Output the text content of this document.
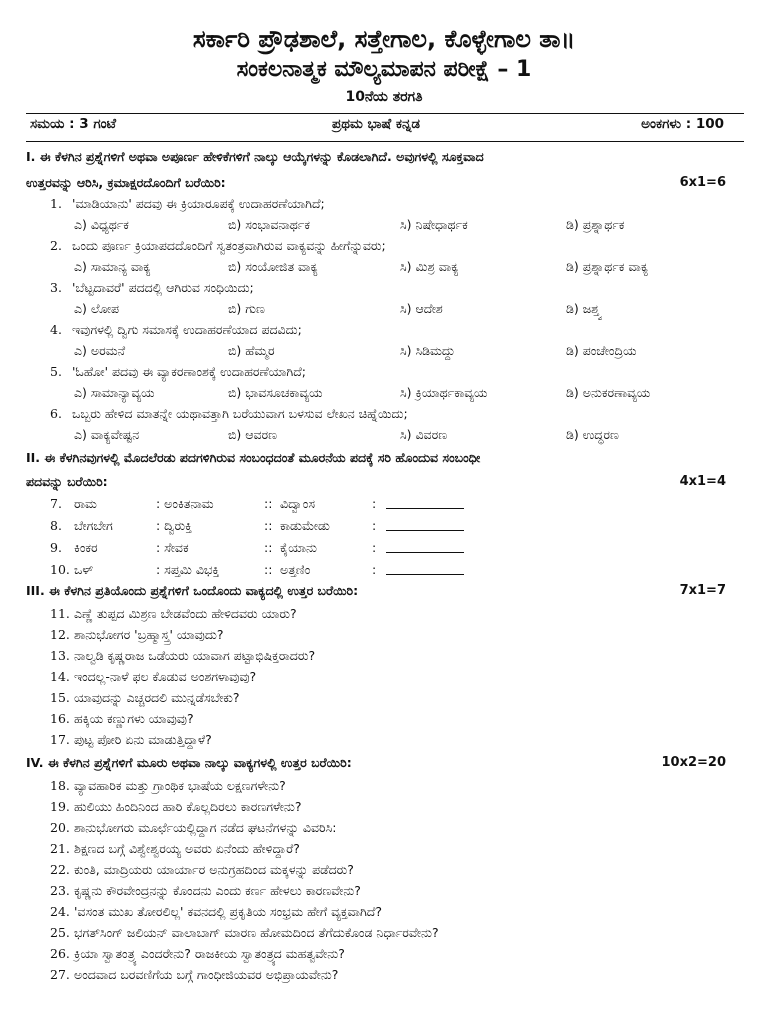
ಸರ್ಕಾರಿ ಪ್ರೌಢಶಾಲೆ, ಸತ್ತೇಗಾಲ, ಕೊಳ್ಳೇಗಾಲ ತಾ॥
ಸಂಕಲನಾತ್ಮಕ ಮೌಲ್ಯಮಾಪನ ಪರೀಕ್ಷೆ – 1
10ನೆಯ ತರಗತಿ
ಸಮಯ : 3 ಗಂಟೆ	ಪ್ರಥಮ ಭಾಷೆ ಕನ್ನಡ	ಅಂಕಗಳು : 100
I. ಈ ಕೆಳಗಿನ ಪ್ರಶ್ನೆಗಳಿಗೆ ಅಥವಾ ಅಪೂರ್ಣ ಹೇಳಿಕೆಗಳಿಗೆ ನಾಲ್ಕು ಆಯ್ಕೆಗಳನ್ನು ಕೊಡಲಾಗಿದೆ. ಅವುಗಳಲ್ಲಿ ಸೂಕ್ತವಾದ
ಉತ್ತರವನ್ನು ಆರಿಸಿ, ಕ್ರಮಾಕ್ಷರದೊಂದಿಗೆ ಬರೆಯಿರಿ:	6x1=6
1. 'ಮಾಡಿಯಾನು' ಪದವು ಈ ಕ್ರಿಯಾರೂಪಕ್ಕೆ ಉದಾಹರಣೆಯಾಗಿದೆ;
ಎ) ವಿಧ್ಯರ್ಥಕ	ಬಿ) ಸಂಭಾವನಾರ್ಥಕ	ಸಿ) ನಿಷೇಧಾರ್ಥಕ	ಡಿ) ಪ್ರಶ್ನಾರ್ಥಕ
2. ಒಂದು ಪೂರ್ಣ ಕ್ರಿಯಾಪದದೊಂದಿಗೆ ಸ್ವತಂತ್ರವಾಗಿರುವ ವಾಕ್ಯವನ್ನು ಹೀಗೆನ್ನುವರು;
ಎ) ಸಾಮಾನ್ಯ ವಾಕ್ಯ	ಬಿ) ಸಂಯೋಜಿತ ವಾಕ್ಯ	ಸಿ) ಮಿಶ್ರ ವಾಕ್ಯ	ಡಿ) ಪ್ರಶ್ನಾರ್ಥಕ ವಾಕ್ಯ
3. 'ಬೆಟ್ಟದಾವರೆ' ಪದದಲ್ಲಿ ಆಗಿರುವ ಸಂಧಿಯಿದು;
ಎ) ಲೋಪ	ಬಿ) ಗುಣ	ಸಿ) ಆದೇಶ	ಡಿ) ಜಶ್ತ್ವ
4. ಇವುಗಳಲ್ಲಿ ದ್ವಿಗು ಸಮಾಸಕ್ಕೆ ಉದಾಹರಣೆಯಾದ ಪದವಿದು;
ಎ) ಅರಮನೆ	ಬಿ) ಹೆಮ್ಮರ	ಸಿ) ಸಿಡಿಮದ್ದು	ಡಿ) ಪಂಚೇಂದ್ರಿಯ
5. 'ಓಹೋ' ಪದವು ಈ ವ್ಯಾಕರಣಾಂಶಕ್ಕೆ ಉದಾಹರಣೆಯಾಗಿದೆ;
ಎ) ಸಾಮಾನ್ಯಾವ್ಯಯ	ಬಿ) ಭಾವಸೂಚಕಾವ್ಯಯ	ಸಿ) ಕ್ರಿಯಾರ್ಥಕಾವ್ಯಯ	ಡಿ) ಅನುಕರಣಾವ್ಯಯ
6. ಒಬ್ಬರು ಹೇಳಿದ ಮಾತನ್ನೇ ಯಥಾವತ್ತಾಗಿ ಬರೆಯುವಾಗ ಬಳಸುವ ಲೇಖನ ಚಿಹ್ನೆಯಿದು;
ಎ) ವಾಕ್ಯವೇಷ್ಟನ	ಬಿ) ಆವರಣ	ಸಿ) ವಿವರಣ	ಡಿ) ಉದ್ಧರಣ
II. ಈ ಕೆಳಗಿನವುಗಳಲ್ಲಿ ಮೊದಲೆರಡು ಪದಗಳಿಗಿರುವ ಸಂಬಂಧದಂತೆ ಮೂರನೆಯ ಪದಕ್ಕೆ ಸರಿ ಹೊಂದುವ ಸಂಬಂಧೀ
ಪದವನ್ನು ಬರೆಯಿರಿ:	4x1=4
7. ರಾಮ	: ಅಂಕಿತನಾಮ	:: ವಿದ್ವಾಂಸ	:
8. ಬೇಗಬೇಗ	: ದ್ವಿರುಕ್ತಿ	:: ಕಾಡುಮೇಡು	:
9. ಕಿಂಕರ	: ಸೇವಕ	:: ಕೈಯಾನು	:
10. ಒಳ್	: ಸಪ್ತಮಿ ವಿಭಕ್ತಿ	:: ಅತ್ತಣಿಂ	:
III. ಈ ಕೆಳಗಿನ ಪ್ರತಿಯೊಂದು ಪ್ರಶ್ನೆಗಳಿಗೆ ಒಂದೊಂದು ವಾಕ್ಯದಲ್ಲಿ ಉತ್ತರ ಬರೆಯಿರಿ:	7x1=7
11. ಎಣ್ಣೆ ತುಪ್ಪದ ಮಿಶ್ರಣ ಬೇಡವೆಂದು ಹೇಳಿದವರು ಯಾರು?
12. ಶಾನುಭೋಗರ 'ಬ್ರಹ್ಮಾಸ್ತ್ರ' ಯಾವುದು?
13. ನಾಲ್ವಡಿ ಕೃಷ್ಣರಾಜ ಒಡೆಯರು ಯಾವಾಗ ಪಟ್ಟಾಭಿಷಿಕ್ತರಾದರು?
14. ಇಂದಲ್ಲ-ನಾಳೆ ಫಲ ಕೊಡುವ ಅಂಶಗಳಾವುವು?
15. ಯಾವುದನ್ನು ಎಚ್ಚರದಲಿ ಮುನ್ನಡೆಸಬೇಕು?
16. ಹಕ್ಕಿಯ ಕಣ್ಣುಗಳು ಯಾವುವು?
17. ಪುಟ್ಟ ಪೋರಿ ಏನು ಮಾಡುತ್ತಿದ್ದಾಳೆ?
IV. ಈ ಕೆಳಗಿನ ಪ್ರಶ್ನೆಗಳಿಗೆ ಮೂರು ಅಥವಾ ನಾಲ್ಕು ವಾಕ್ಯಗಳಲ್ಲಿ ಉತ್ತರ ಬರೆಯಿರಿ:	10x2=20
18. ವ್ಯಾವಹಾರಿಕ ಮತ್ತು ಗ್ರಾಂಥಿಕ ಭಾಷೆಯ ಲಕ್ಷಣಗಳೇನು?
19. ಹುಲಿಯು ಹಿಂದಿನಿಂದ ಹಾರಿ ಕೊಲ್ಲದಿರಲು ಕಾರಣಗಳೇನು?
20. ಶಾನುಭೋಗರು ಮೂರ್ಛೆಯಲ್ಲಿದ್ದಾಗ ನಡೆದ ಘಟನೆಗಳನ್ನು ವಿವರಿಸಿ:
21. ಶಿಕ್ಷಣದ ಬಗ್ಗೆ ವಿಶ್ವೇಶ್ವರಯ್ಯ ಅವರು ಏನೆಂದು ಹೇಳಿದ್ದಾರೆ?
22. ಕುಂತಿ, ಮಾದ್ರಿಯರು ಯಾರ್ಯಾರ ಅನುಗ್ರಹದಿಂದ ಮಕ್ಕಳನ್ನು ಪಡೆದರು?
23. ಕೃಷ್ಣನು ಕೌರವೇಂದ್ರನನ್ನು ಕೊಂದನು ಎಂದು ಕರ್ಣ ಹೇಳಲು ಕಾರಣವೇನು?
24. 'ವಸಂತ ಮುಖ ತೋರಲಿಲ್ಲ' ಕವನದಲ್ಲಿ ಪ್ರಕೃತಿಯ ಸಂಭ್ರಮ ಹೇಗೆ ವ್ಯಕ್ತವಾಗಿದೆ?
25. ಭಗತ್‌ಸಿಂಗ್ ಜಲಿಯನ್ ವಾಲಾಬಾಗ್ ಮಾರಣ ಹೋಮದಿಂದ ತೆಗೆದುಕೊಂಡ ನಿರ್ಧಾರವೇನು?
26. ಕ್ರಿಯಾ ಸ್ವಾತಂತ್ರ್ಯ ಎಂದರೇನು? ರಾಜಕೀಯ ಸ್ವಾತಂತ್ರ್ಯದ ಮಹತ್ವವೇನು?
27. ಅಂದವಾದ ಬರವಣಿಗೆಯ ಬಗ್ಗೆ ಗಾಂಧೀಜಿಯವರ ಅಭಿಪ್ರಾಯವೇನು?
